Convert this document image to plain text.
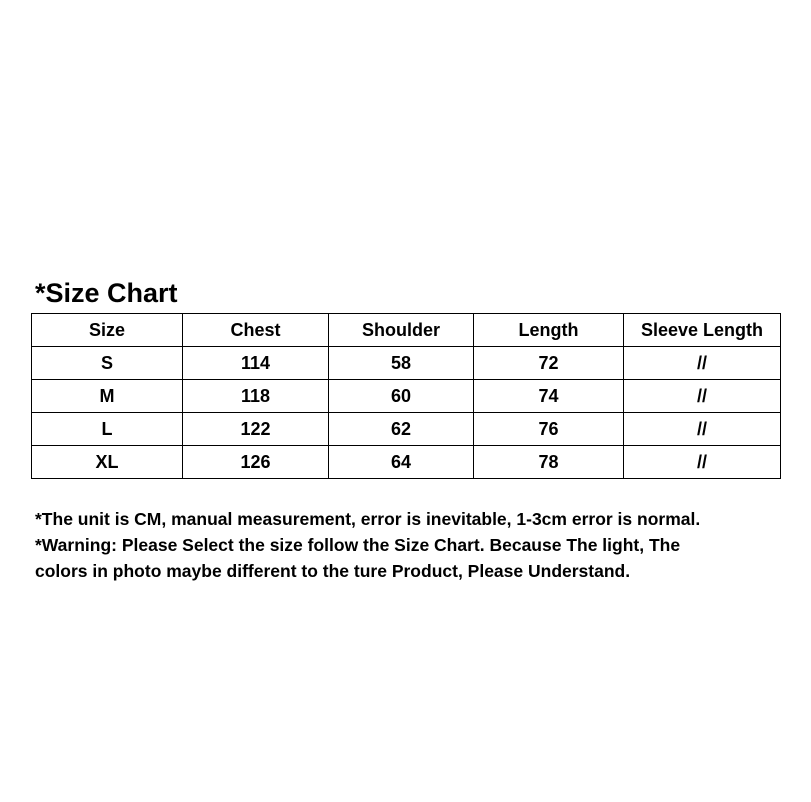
*Size Chart
Size	Chest	Shoulder	Length	Sleeve Length
S	114	58	72	//
M	118	60	74	//
L	122	62	76	//
XL	126	64	78	//

*The unit is CM, manual measurement, error is inevitable, 1-3cm error is normal.

*Warning: Please Select the size follow the Size Chart. Because The light, The colors in photo maybe different to the ture Product, Please Understand.
